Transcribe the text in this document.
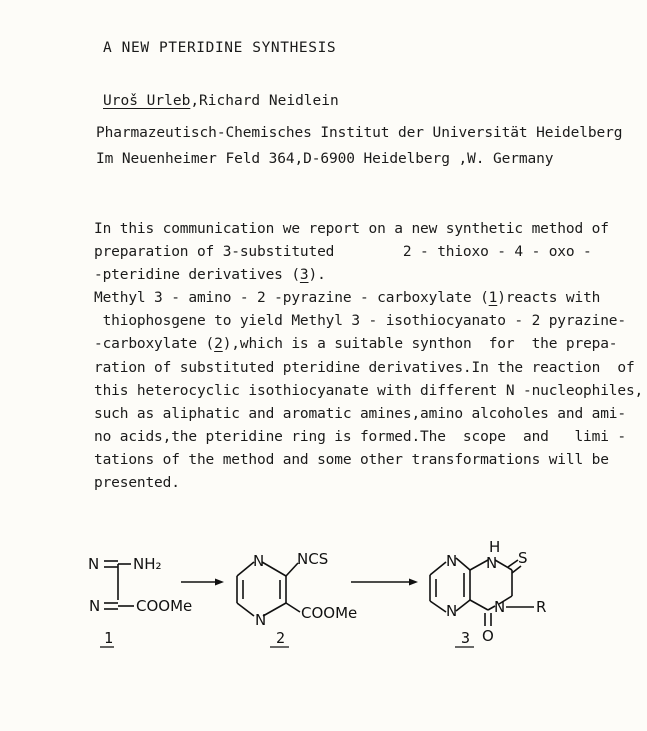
A NEW PTERIDINE SYNTHESIS
Uroš Urleb,Richard Neidlein
Pharmazeutisch-Chemisches Institut der Universität Heidelberg
Im Neuenheimer Feld 364,D-6900 Heidelberg ,W. Germany
In this communication we report on a new synthetic method of
preparation of 3-substituted        2 - thioxo - 4 - oxo -
-pteridine derivatives (3).
Methyl 3 - amino - 2 -pyrazine - carboxylate (1)reacts with
thiophosgene to yield Methyl 3 - isothiocyanato - 2 pyrazine-
-carboxylate (2),which is a suitable synthon  for  the prepa-
ration of substituted pteridine derivatives.In the reaction  of
this heterocyclic isothiocyanate with different N -nucleophiles,
such as aliphatic and aromatic amines,amino alcoholes and ami-
no acids,the pteridine ring is formed.The  scope  and   limi -
tations of the method and some other transformations will be
presented.
N NH₂
N COOMe
1
N NCS
N COOMe
2
N
H
N S
N N R
O
3
